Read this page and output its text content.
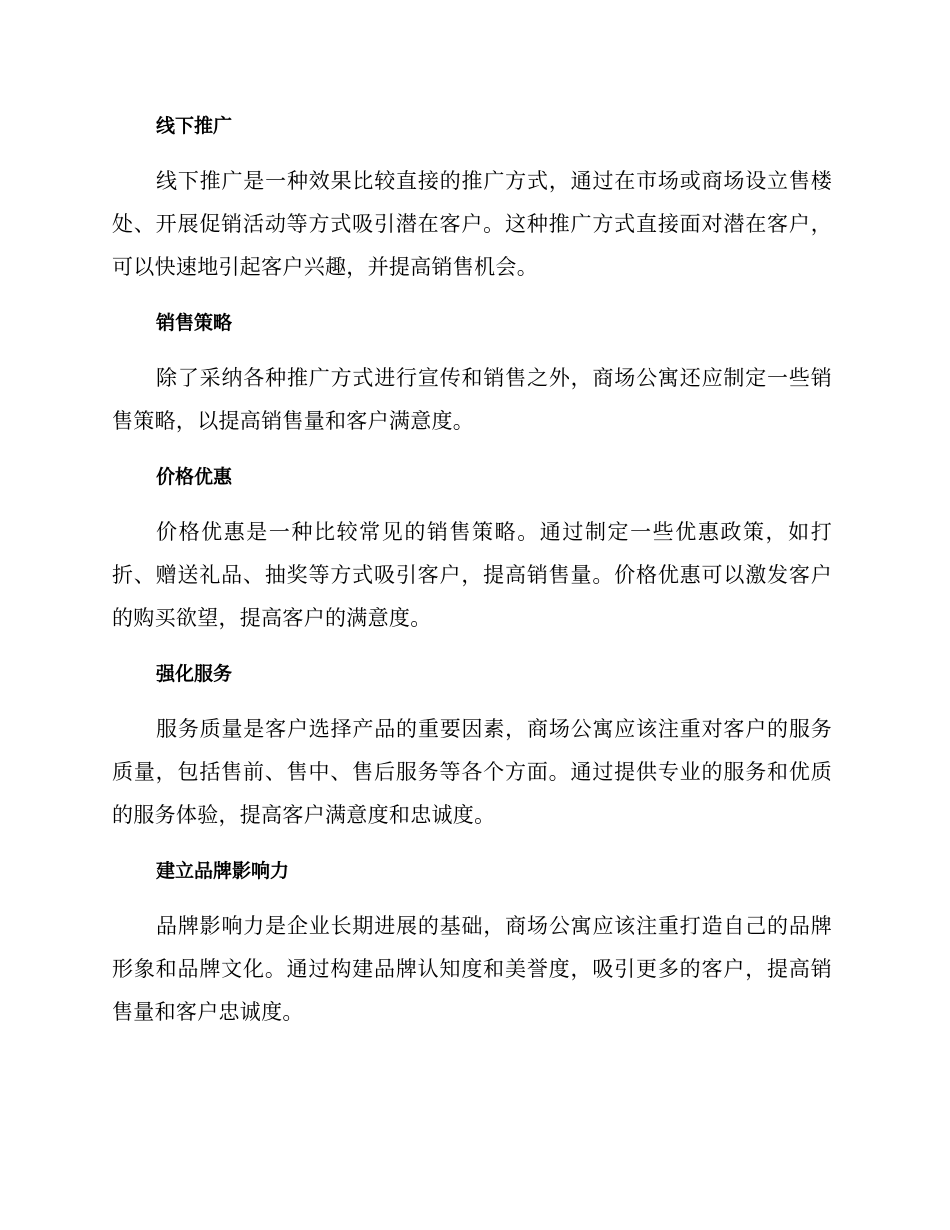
线下推广

线下推广是一种效果比较直接的推广方式，通过在市场或商场设立售楼处、开展促销活动等方式吸引潜在客户。这种推广方式直接面对潜在客户，可以快速地引起客户兴趣，并提高销售机会。

销售策略

除了采纳各种推广方式进行宣传和销售之外，商场公寓还应制定一些销售策略，以提高销售量和客户满意度。

价格优惠

价格优惠是一种比较常见的销售策略。通过制定一些优惠政策，如打折、赠送礼品、抽奖等方式吸引客户，提高销售量。价格优惠可以激发客户的购买欲望，提高客户的满意度。

强化服务

服务质量是客户选择产品的重要因素，商场公寓应该注重对客户的服务质量，包括售前、售中、售后服务等各个方面。通过提供专业的服务和优质的服务体验，提高客户满意度和忠诚度。

建立品牌影响力

品牌影响力是企业长期进展的基础，商场公寓应该注重打造自己的品牌形象和品牌文化。通过构建品牌认知度和美誉度，吸引更多的客户，提高销售量和客户忠诚度。
